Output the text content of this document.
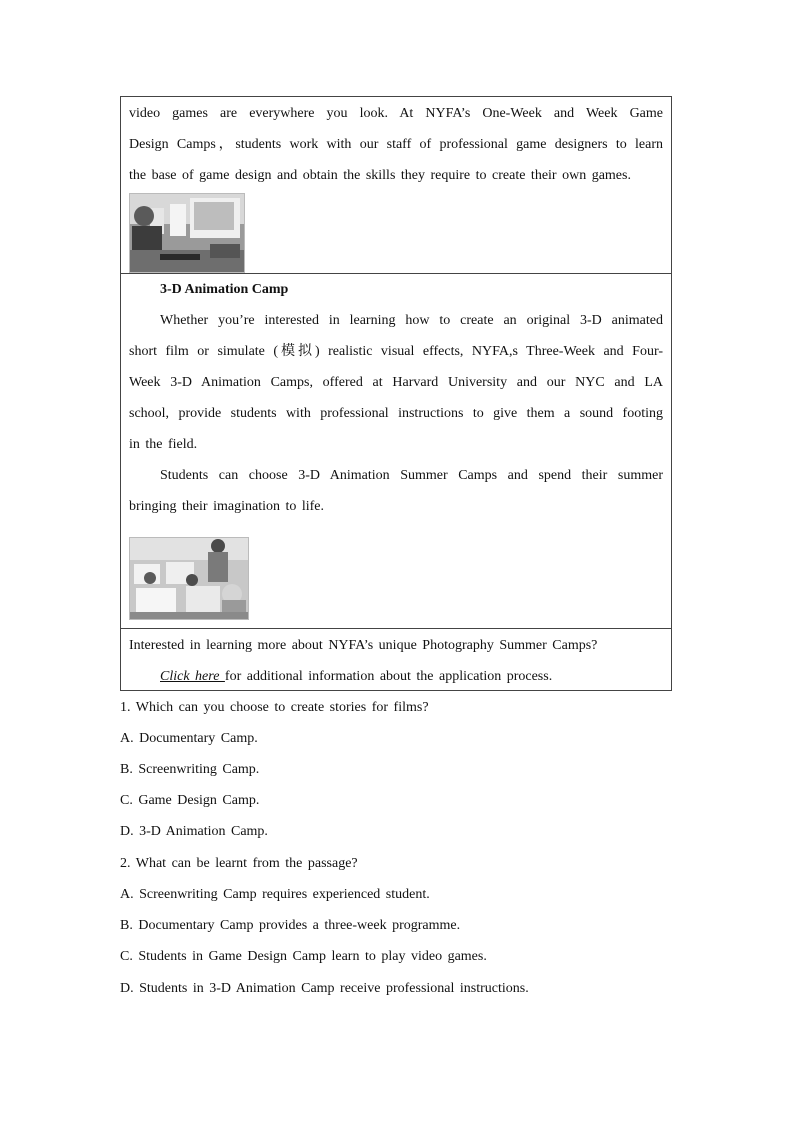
video games are everywhere you look. At NYFA’s One-Week and Week Game
Design Camps，students work with our staff of professional game designers to learn
the base of game design and obtain the skills they require to create their own games.
3-D Animation Camp
Whether you’re interested in learning how to create an original 3-D animated
short film or simulate (模拟) realistic visual effects, NYFA,s Three-Week and Four-
Week 3-D Animation Camps, offered at Harvard University and our NYC and LA
school, provide students with professional instructions to give them a sound footing
in the field.
Students can choose 3-D Animation Summer Camps and spend their summer
bringing their imagination to life.
Interested in learning more about NYFA’s unique Photography Summer Camps?
Click here for additional information about the application process.
1. Which can you choose to create stories for films?
A. Documentary Camp.
B. Screenwriting Camp.
C. Game Design Camp.
D. 3-D Animation Camp.
2. What can be learnt from the passage?
A. Screenwriting Camp requires experienced student.
B. Documentary Camp provides a three-week programme.
C. Students in Game Design Camp learn to play video games.
D. Students in 3-D Animation Camp receive professional instructions.
